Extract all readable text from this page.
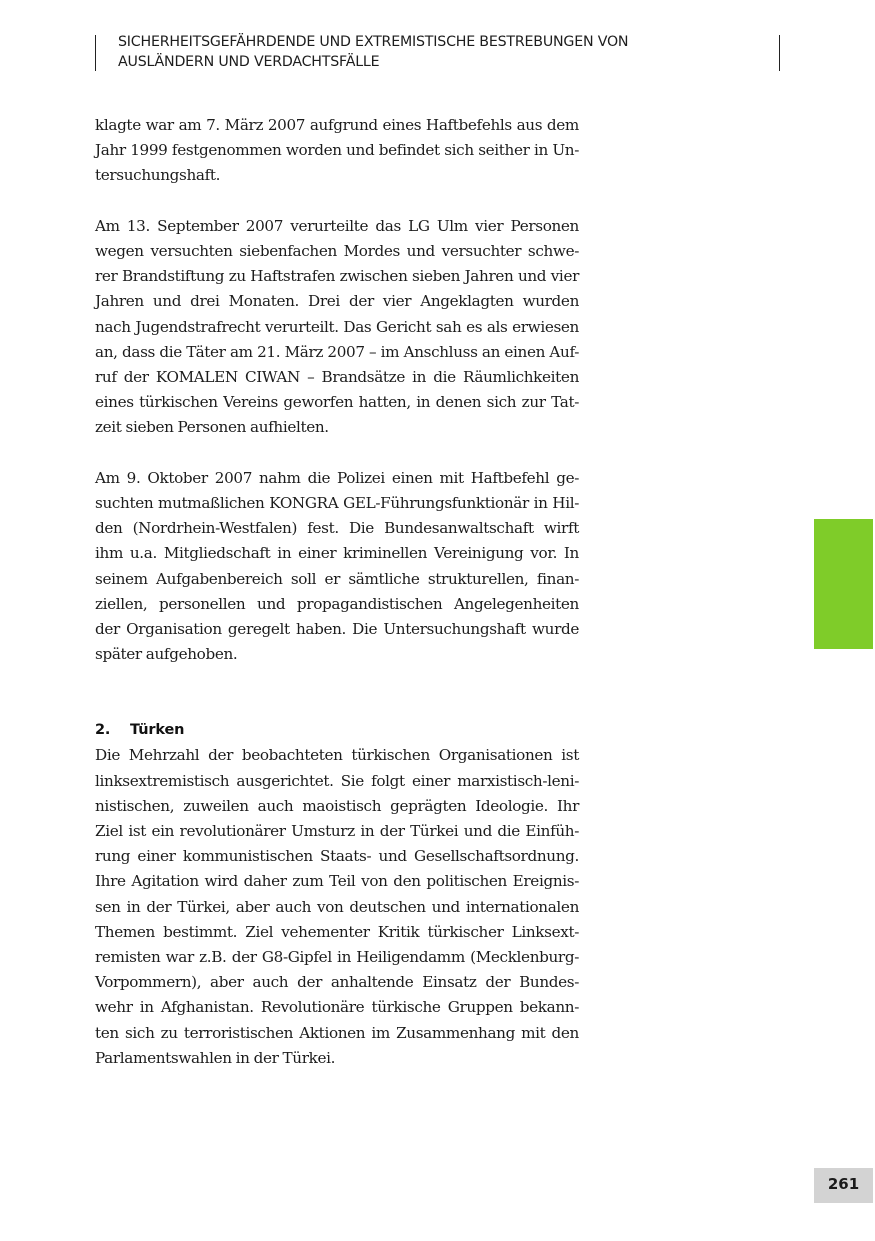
SICHERHEITSGEFÄHRDENDE UND EXTREMISTISCHE BESTREBUNGEN VON
AUSLÄNDERN UND VERDACHTSFÄLLE

klagte war am 7. März 2007 aufgrund eines Haftbefehls aus dem
Jahr 1999 festgenommen worden und befindet sich seither in Un-
tersuchungshaft.

Am 13. September 2007 verurteilte das LG Ulm vier Personen
wegen versuchten siebenfachen Mordes und versuchter schwe-
rer Brandstiftung zu Haftstrafen zwischen sieben Jahren und vier
Jahren und drei Monaten. Drei der vier Angeklagten wurden
nach Jugendstrafrecht verurteilt. Das Gericht sah es als erwiesen
an, dass die Täter am 21. März 2007 – im Anschluss an einen Auf-
ruf der KOMALEN CIWAN – Brandsätze in die Räumlichkeiten
eines türkischen Vereins geworfen hatten, in denen sich zur Tat-
zeit sieben Personen aufhielten.

Am 9. Oktober 2007 nahm die Polizei einen mit Haftbefehl ge-
suchten mutmaßlichen KONGRA GEL-Führungsfunktionär in Hil-
den (Nordrhein-Westfalen) fest. Die Bundesanwaltschaft wirft
ihm u.a. Mitgliedschaft in einer kriminellen Vereinigung vor. In
seinem Aufgabenbereich soll er sämtliche strukturellen, finan-
ziellen, personellen und propagandistischen Angelegenheiten
der Organisation geregelt haben. Die Untersuchungshaft wurde
später aufgehoben.

2.	Türken

Die Mehrzahl der beobachteten türkischen Organisationen ist
linksextremistisch ausgerichtet. Sie folgt einer marxistisch-leni-
nistischen, zuweilen auch maoistisch geprägten Ideologie. Ihr
Ziel ist ein revolutionärer Umsturz in der Türkei und die Einfüh-
rung einer kommunistischen Staats- und Gesellschaftsordnung.
Ihre Agitation wird daher zum Teil von den politischen Ereignis-
sen in der Türkei, aber auch von deutschen und internationalen
Themen bestimmt. Ziel vehementer Kritik türkischer Linksext-
remisten war z.B. der G8-Gipfel in Heiligendamm (Mecklenburg-
Vorpommern), aber auch der anhaltende Einsatz der Bundes-
wehr in Afghanistan. Revolutionäre türkische Gruppen bekann-
ten sich zu terroristischen Aktionen im Zusammenhang mit den
Parlamentswahlen in der Türkei.

261
